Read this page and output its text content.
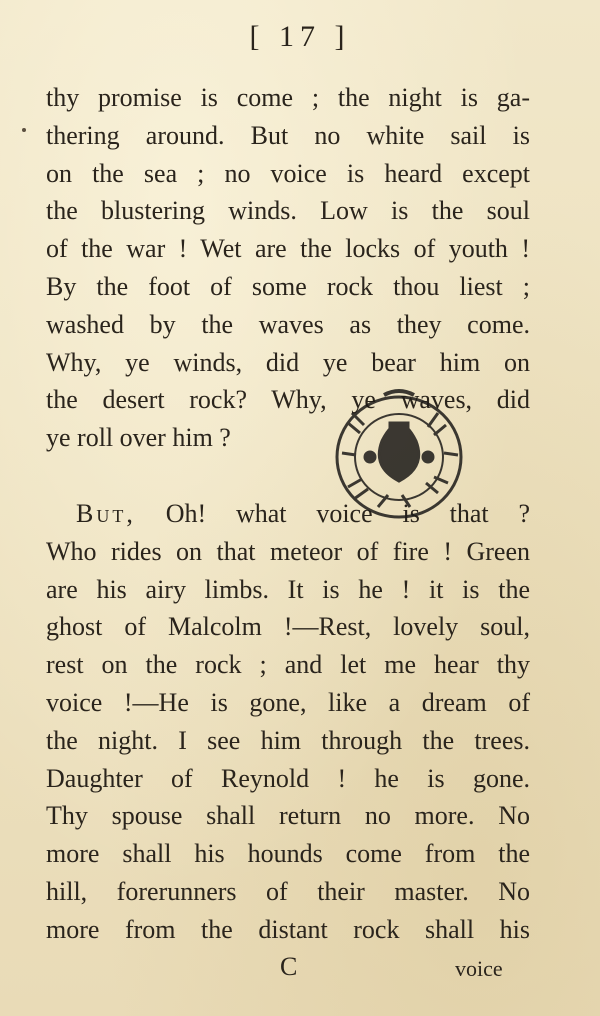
[ 17 ]
thy promise is come ; the night is ga-
thering around. But no white sail is
on the sea ; no voice is heard except
the blustering winds. Low is the soul
of the war ! Wet are the locks of youth !
By the foot of some rock thou liest ;
washed by the waves as they come.
Why, ye winds, did ye bear him on
the desert rock? Why, ye waves, did
ye roll over him ?
But, Oh! what voice is that ?
Who rides on that meteor of fire ! Green
are his airy limbs. It is he ! it is the
ghost of Malcolm !—Rest, lovely soul,
rest on the rock ; and let me hear thy
voice !—He is gone, like a dream of
the night. I see him through the trees.
Daughter of Reynold ! he is gone.
Thy spouse shall return no more. No
more shall his hounds come from the
hill, forerunners of their master. No
more from the distant rock shall his
C	voice
